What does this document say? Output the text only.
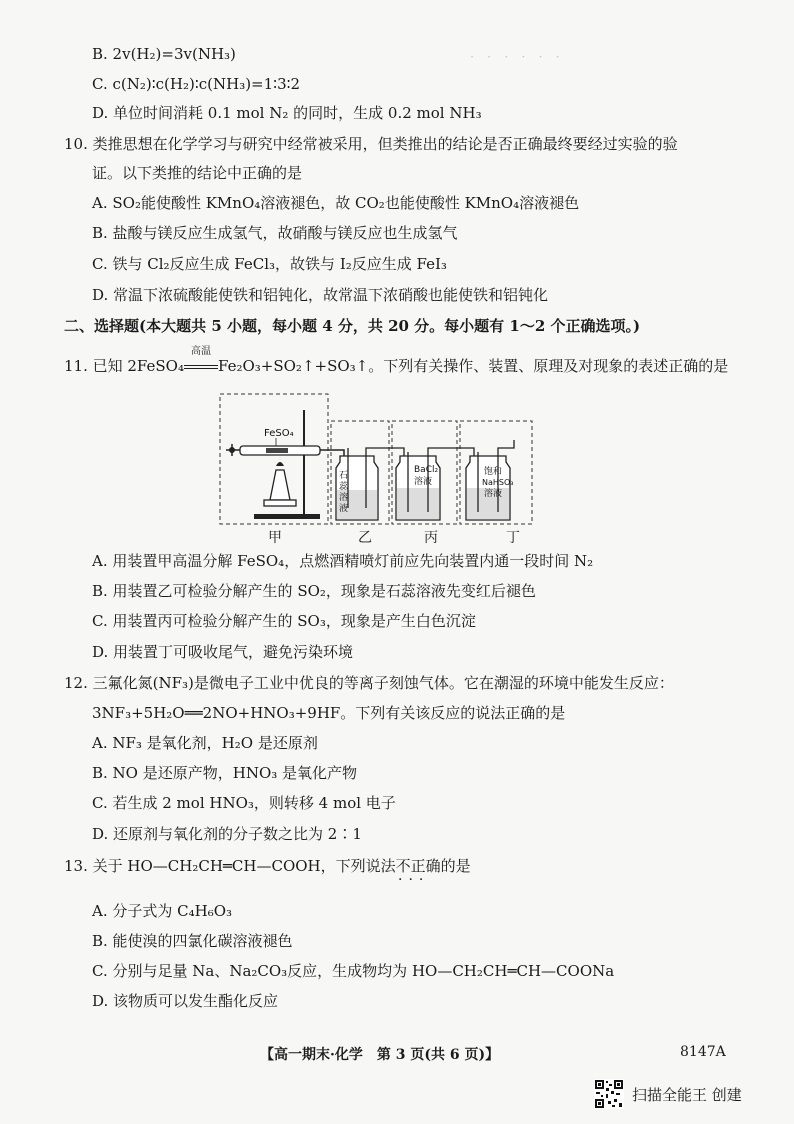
·　·　·　·　·　·
B. 2v(H₂)=3v(NH₃)
C. c(N₂)∶c(H₂)∶c(NH₃)=1∶3∶2
D. 单位时间消耗 0.1 mol N₂ 的同时，生成 0.2 mol NH₃
10. 类推思想在化学学习与研究中经常被采用，但类推出的结论是否正确最终要经过实验的验
证。以下类推的结论中正确的是
A. SO₂能使酸性 KMnO₄溶液褪色，故 CO₂也能使酸性 KMnO₄溶液褪色
B. 盐酸与镁反应生成氢气，故硝酸与镁反应也生成氢气
C. 铁与 Cl₂反应生成 FeCl₃，故铁与 I₂反应生成 FeI₃
D. 常温下浓硫酸能使铁和铝钝化，故常温下浓硝酸也能使铁和铝钝化
二、选择题(本大题共 5 小题，每小题 4 分，共 20 分。每小题有 1～2 个正确选项。)
11. 已知 2FeSO₄
高温
Fe₂O₃+SO₂↑+SO₃↑。下列有关操作、装置、原理及对现象的表述正确的是
FeSO₄
石
蕊
溶
液
BaCl₂
溶液
饱和
NaHSO₃
溶液
甲	乙	丙	丁
A. 用装置甲高温分解 FeSO₄，点燃酒精喷灯前应先向装置内通一段时间 N₂
B. 用装置乙可检验分解产生的 SO₂，现象是石蕊溶液先变红后褪色
C. 用装置丙可检验分解产生的 SO₃，现象是产生白色沉淀
D. 用装置丁可吸收尾气，避免污染环境
12. 三氟化氮(NF₃)是微电子工业中优良的等离子刻蚀气体。它在潮湿的环境中能发生反应：
3NF₃+5H₂O══2NO+HNO₃+9HF。下列有关该反应的说法正确的是
A. NF₃ 是氧化剂，H₂O 是还原剂
B. NO 是还原产物，HNO₃ 是氧化产物
C. 若生成 2 mol HNO₃，则转移 4 mol 电子
D. 还原剂与氧化剂的分子数之比为 2∶1
13. 关于 HO—CH₂CH═CH—COOH，下列说法不正确的是
···
A. 分子式为 C₄H₆O₃
B. 能使溴的四氯化碳溶液褪色
C. 分别与足量 Na、Na₂CO₃反应，生成物均为 HO—CH₂CH═CH—COONa
D. 该物质可以发生酯化反应
【高一期末·化学　第 3 页(共 6 页)】	8147A
扫描全能王 创建
